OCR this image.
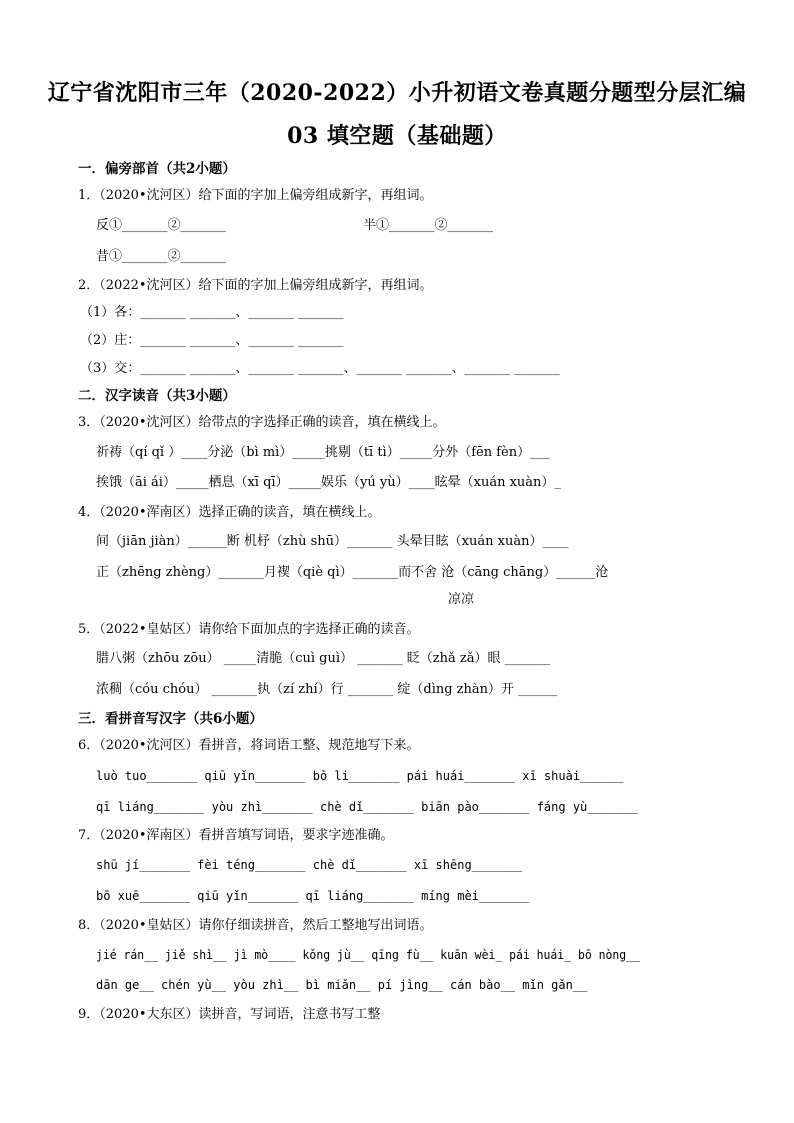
辽宁省沈阳市三年（2020-2022）小升初语文卷真题分题型分层汇编
03 填空题（基础题）
一．偏旁部首（共2小题）
1．（2020•沈河区）给下面的字加上偏旁组成新字，再组词。
反①_______②_______	半①_______②_______
昔①_______②_______
2．（2022•沈河区）给下面的字加上偏旁组成新字，再组词。
（1）各：_______ _______、_______ _______
（2）庄：_______ _______、_______ _______
（3）交：_______ _______、_______ _______、_______ _______、_______ _______
二．汉字读音（共3小题）
3．（2020•沈河区）给带点的字选择正确的读音，填在横线上。
祈祷（qí qǐ ）____分泌（bì mì）_____挑剔（tī tì）_____分外（fēn fèn）___
挨饿（āi ái）_____栖息（xī qī）_____娱乐（yú yù）____眩晕（xuán xuàn）_
4．（2020•浑南区）选择正确的读音，填在横线上。
间（jiān jiàn）______断 机杼（zhù shū）_______ 头晕目眩（xuán xuàn）____
正（zhēng zhèng）_______月褉（qiè qì）_______而不舍 沧（cāng chāng）______沧
凉凉
5．（2022•皇姑区）请你给下面加点的字选择正确的读音。
腊八粥（zhōu zōu） _____清脆（cuì guì） _______ 眨（zhǎ zǎ）眼 _______
浓稠（cóu chóu） _______执（zí zhí）行 _______ 绽（dìng zhàn）开 ______
三．看拼音写汉字（共6小题）
6．（2020•沈河区）看拼音，将词语工整、规范地写下来。
luò tuo_______ qiū yǐn_______ bō li_______ pái huái_______ xī shuài______
qī liáng_______ yòu zhì_______ chè dǐ_______ biān pào_______ fáng yù_______
7．（2020•浑南区）看拼音填写词语，要求字迹准确。
shū jí_______ fèi téng_______ chè dǐ_______ xī shēng_______
bō xuē_______ qiū yǐn_______ qī liáng_______ míng mèi_______
8．（2020•皇姑区）请你仔细读拼音，然后工整地写出词语。
jié rán__ jiě shì__ jì mò____ kǒng jù__ qīng fù__ kuān wèi_ pái huái_ bō nòng__
dān ge__ chén yù__ yòu zhì__ bì miǎn__ pí jìng__ cán bào__ mǐn gǎn__
9．（2020•大东区）读拼音，写词语，注意书写工整
